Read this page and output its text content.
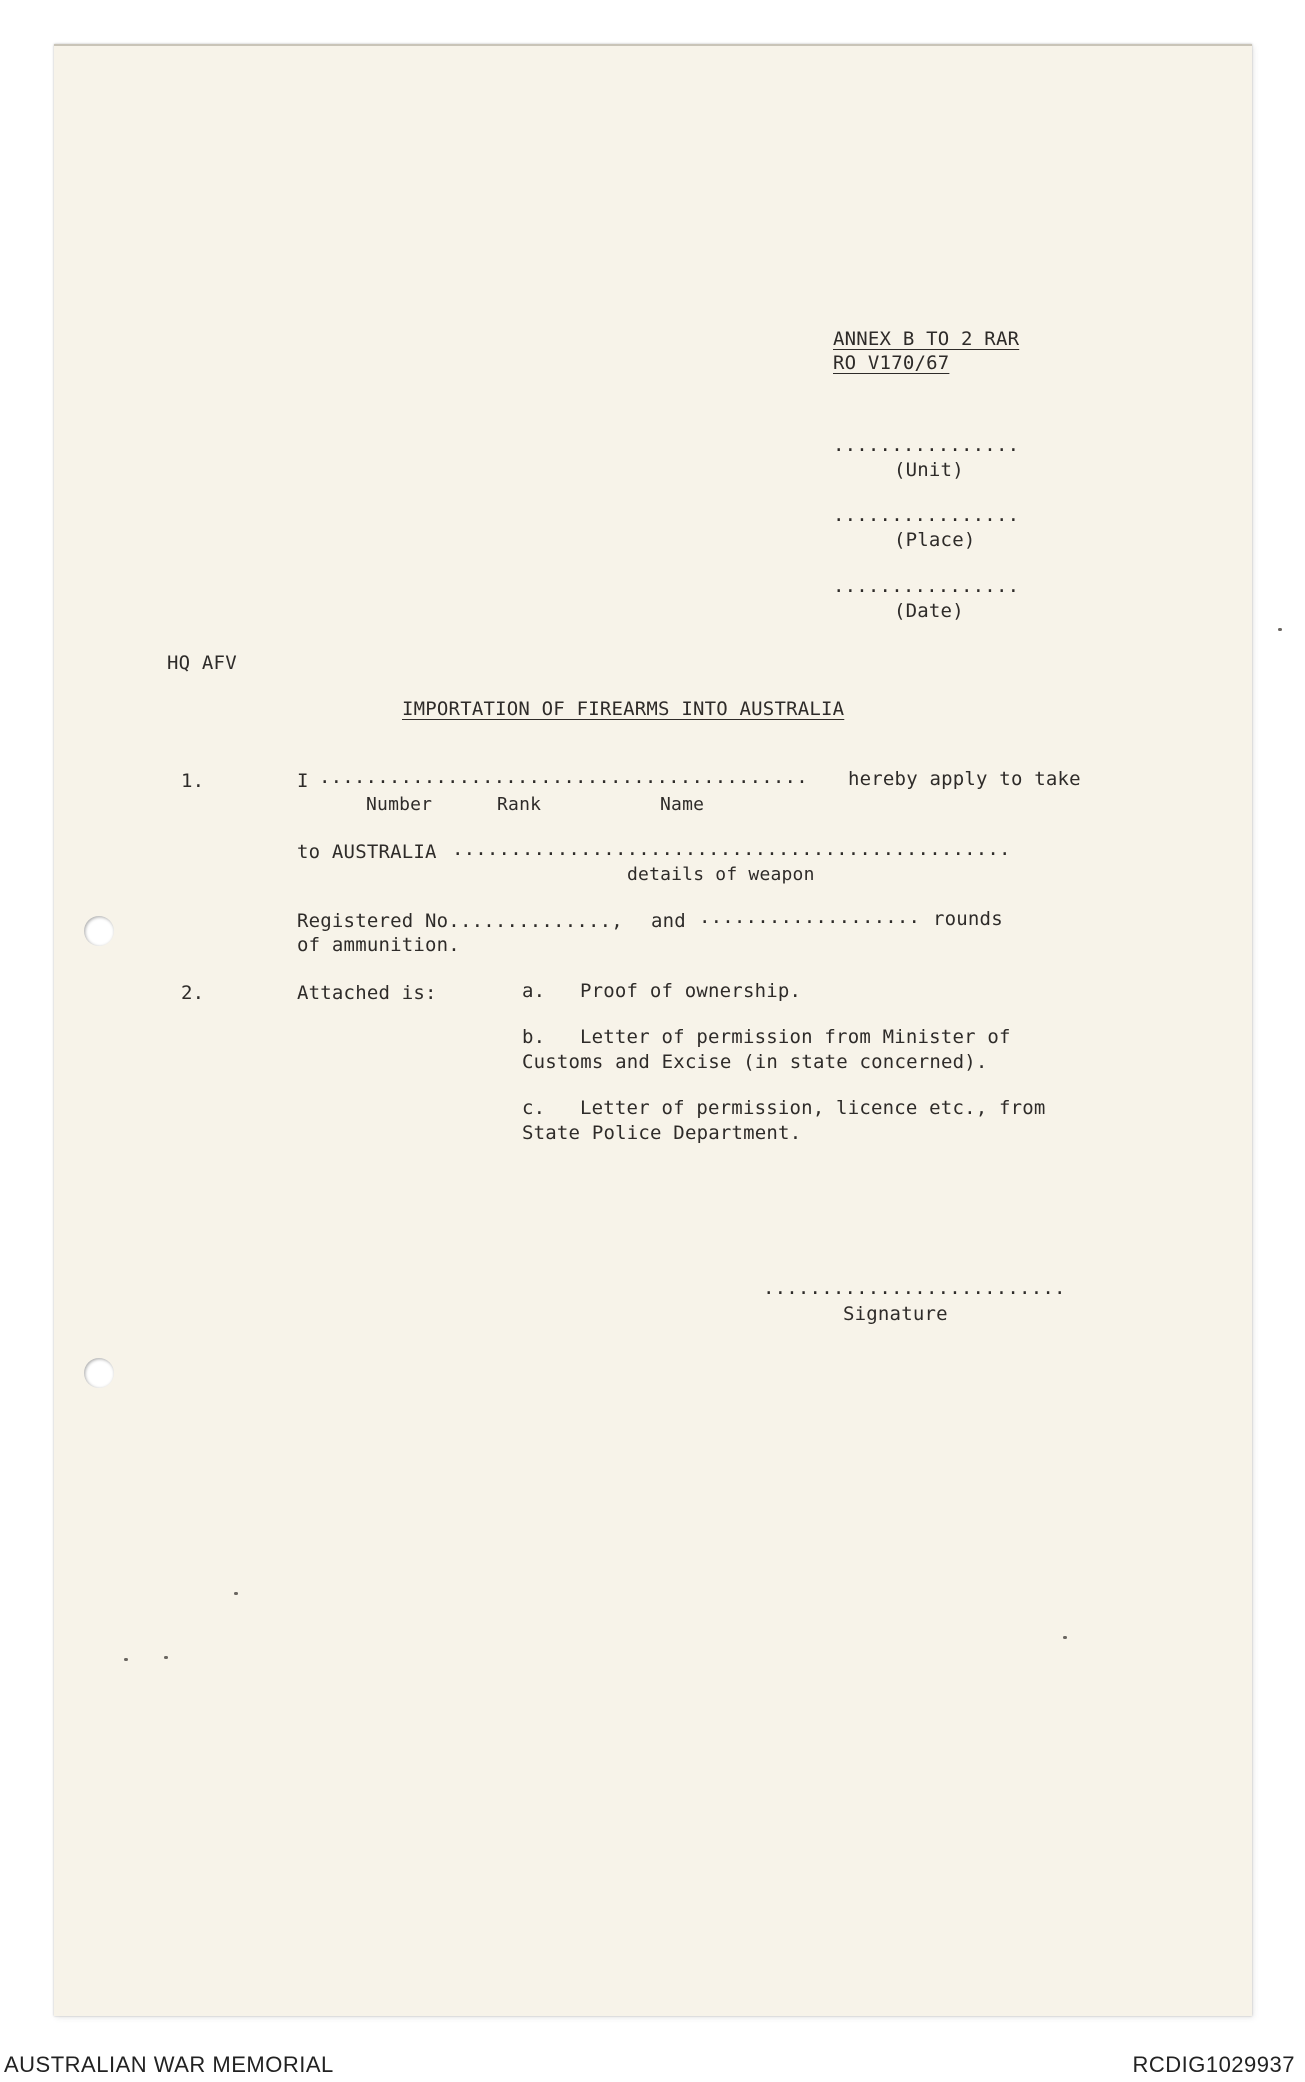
ANNEX B TO 2 RAR
RO V170/67
................
(Unit)
................
(Place)
................
(Date)
HQ AFV
IMPORTATION OF FIREARMS INTO AUSTRALIA
1.	I .......................................... hereby apply to take
Number	Rank	Name
to AUSTRALIA ................................................
details of weapon
Registered No.............., and ................... rounds
of ammunition.
2.	Attached is:	a. Proof of ownership.
b. Letter of permission from Minister of
Customs and Excise (in state concerned).
c. Letter of permission, licence etc., from
State Police Department.
..........................
Signature
AUSTRALIAN WAR MEMORIAL	RCDIG1029937
